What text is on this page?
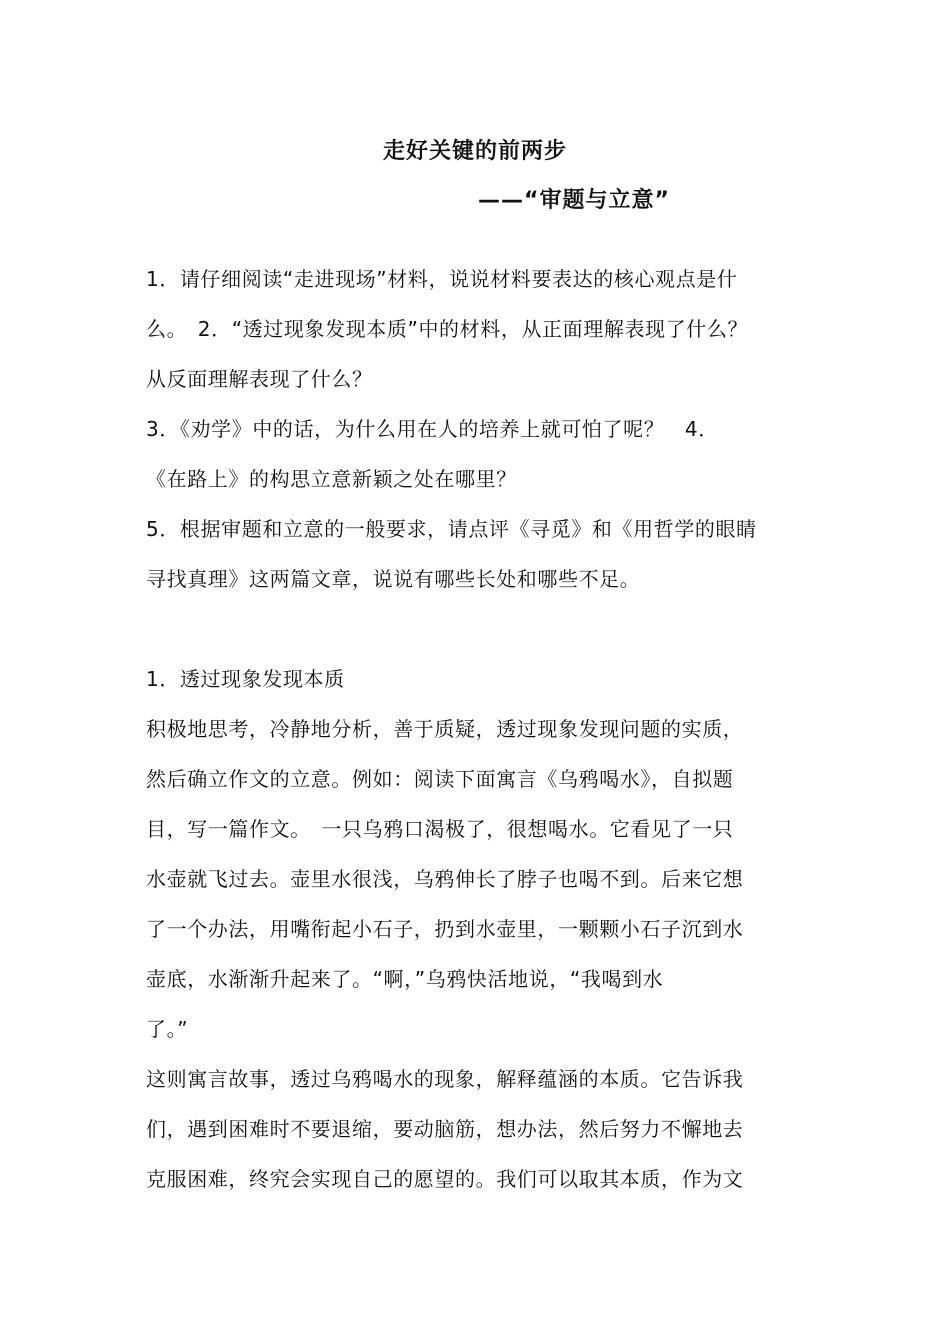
走好关键的前两步
——“审题与立意”
1．请仔细阅读“走进现场”材料，说说材料要表达的核心观点是什
么。　2．“透过现象发现本质”中的材料，从正面理解表现了什么？
从反面理解表现了什么？
3．《劝学》中的话，为什么用在人的培养上就可怕了呢？　4．
《在路上》的构思立意新颖之处在哪里？
5．根据审题和立意的一般要求，请点评《寻觅》和《用哲学的眼睛
寻找真理》这两篇文章，说说有哪些长处和哪些不足。
1．透过现象发现本质
积极地思考，冷静地分析，善于质疑，透过现象发现问题的实质，
然后确立作文的立意。例如：阅读下面寓言《乌鸦喝水》，自拟题
目，写一篇作文。　一只乌鸦口渴极了，很想喝水。它看见了一只
水壶就飞过去。壶里水很浅，乌鸦伸长了脖子也喝不到。后来它想
了一个办法，用嘴衔起小石子，扔到水壶里，一颗颗小石子沉到水
壶底，水渐渐升起来了。“啊，”乌鸦快活地说，“我喝到水
了。”
这则寓言故事，透过乌鸦喝水的现象，解释蕴涵的本质。它告诉我
们，遇到困难时不要退缩，要动脑筋，想办法，然后努力不懈地去
克服困难，终究会实现自己的愿望的。我们可以取其本质，作为文
